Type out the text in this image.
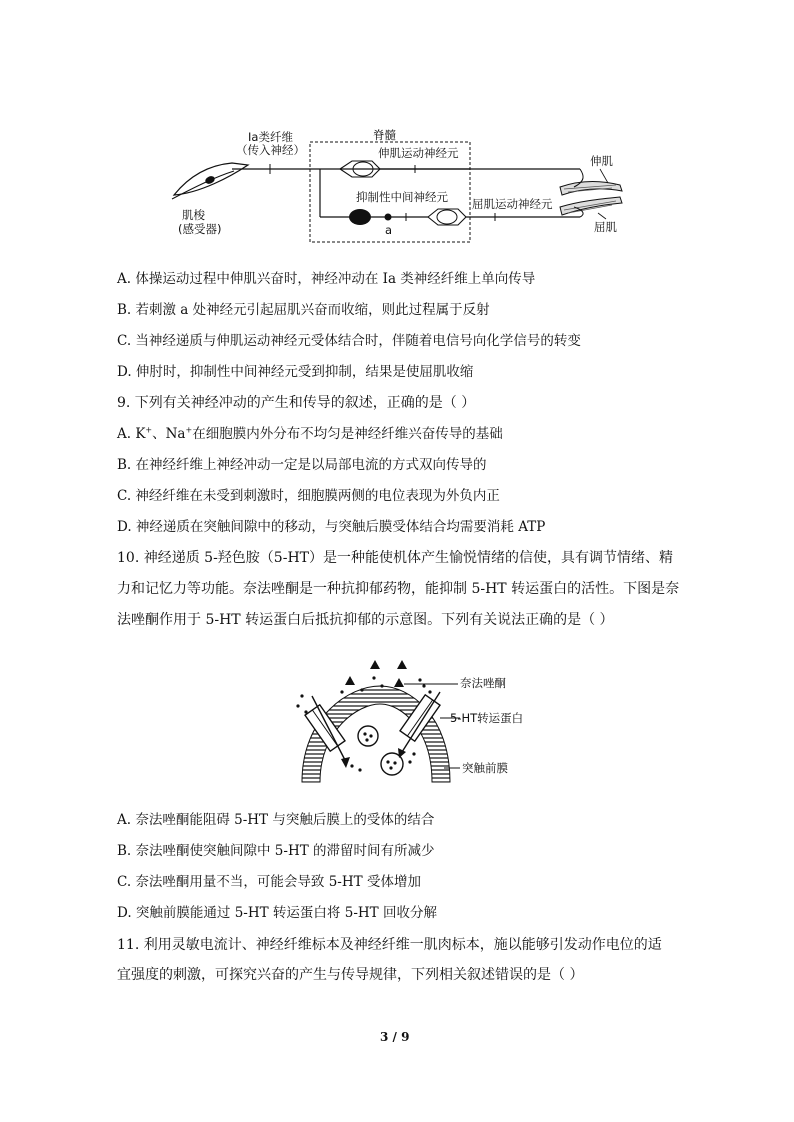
Ia类纤维
（传入神经）
脊髓
伸肌运动神经元
抑制性中间神经元
a
屈肌运动神经元
伸肌
屈肌
肌梭
(感受器)
A. 体操运动过程中伸肌兴奋时，神经冲动在 Ia 类神经纤维上单向传导
B. 若刺激 a 处神经元引起屈肌兴奋而收缩，则此过程属于反射
C. 当神经递质与伸肌运动神经元受体结合时，伴随着电信号向化学信号的转变
D. 伸肘时，抑制性中间神经元受到抑制，结果是使屈肌收缩
9. 下列有关神经冲动的产生和传导的叙述，正确的是（ ）
A. K+、Na+在细胞膜内外分布不均匀是神经纤维兴奋传导的基础
B. 在神经纤维上神经冲动一定是以局部电流的方式双向传导的
C. 神经纤维在未受到刺激时，细胞膜两侧的电位表现为外负内正
D. 神经递质在突触间隙中的移动，与突触后膜受体结合均需要消耗 ATP
10. 神经递质 5-羟色胺（5-HT）是一种能使机体产生愉悦情绪的信使，具有调节情绪、精
力和记忆力等功能。奈法唑酮是一种抗抑郁药物，能抑制 5-HT 转运蛋白的活性。下图是奈
法唑酮作用于 5-HT 转运蛋白后抵抗抑郁的示意图。下列有关说法正确的是（ ）
奈法唑酮
5-HT转运蛋白
突触前膜
A. 奈法唑酮能阻碍 5-HT 与突触后膜上的受体的结合
B. 奈法唑酮使突触间隙中 5-HT 的滞留时间有所减少
C. 奈法唑酮用量不当，可能会导致 5-HT 受体增加
D. 突触前膜能通过 5-HT 转运蛋白将 5-HT 回收分解
11. 利用灵敏电流计、神经纤维标本及神经纤维一肌肉标本，施以能够引发动作电位的适
宜强度的刺激，可探究兴奋的产生与传导规律，下列相关叙述错误的是（ ）
3 / 9
